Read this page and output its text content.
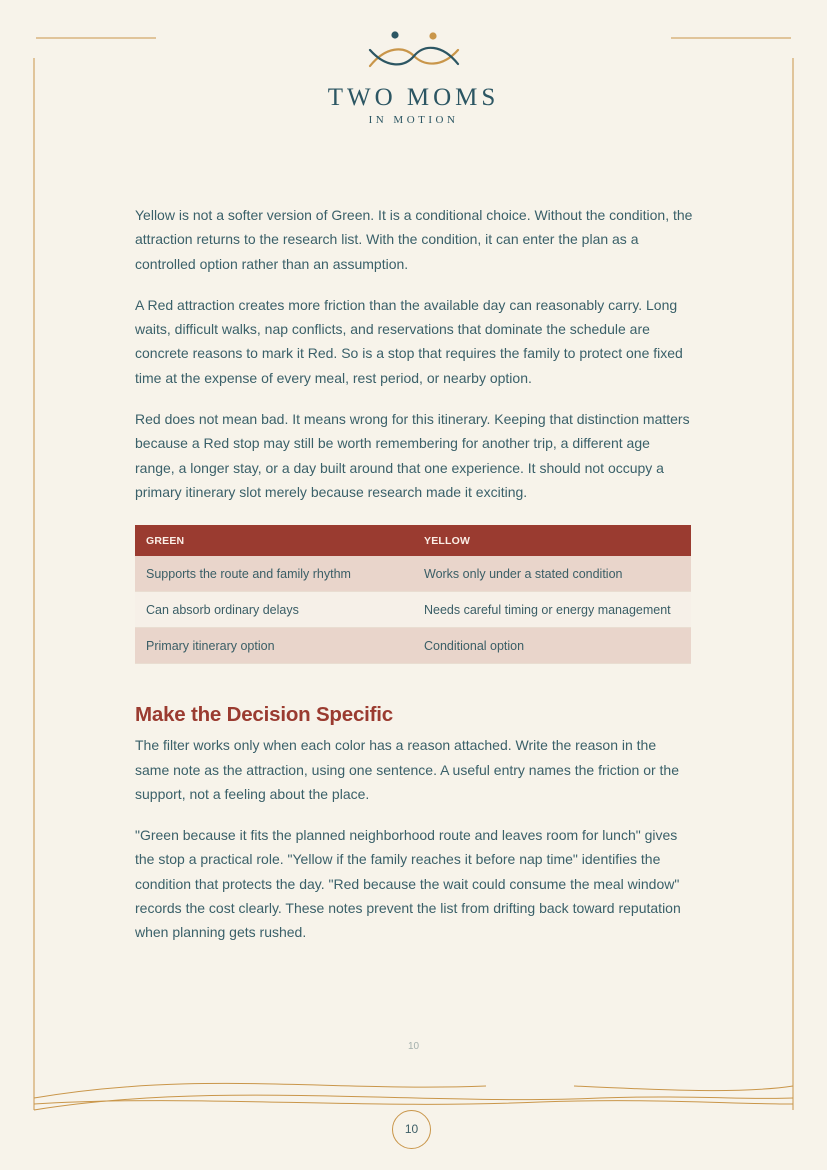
TWO MOMS
IN MOTION

Yellow is not a softer version of Green. It is a conditional choice. Without the condition, the attraction returns to the research list. With the condition, it can enter the plan as a controlled option rather than an assumption.

A Red attraction creates more friction than the available day can reasonably carry. Long waits, difficult walks, nap conflicts, and reservations that dominate the schedule are concrete reasons to mark it Red. So is a stop that requires the family to protect one fixed time at the expense of every meal, rest period, or nearby option.

Red does not mean bad. It means wrong for this itinerary. Keeping that distinction matters because a Red stop may still be worth remembering for another trip, a different age range, a longer stay, or a day built around that one experience. It should not occupy a primary itinerary slot merely because research made it exciting.

GREEN	YELLOW
Supports the route and family rhythm	Works only under a stated condition
Can absorb ordinary delays	Needs careful timing or energy management
Primary itinerary option	Conditional option
Make the Decision Specific

The filter works only when each color has a reason attached. Write the reason in the same note as the attraction, using one sentence. A useful entry names the friction or the support, not a feeling about the place.

"Green because it fits the planned neighborhood route and leaves room for lunch" gives the stop a practical role. "Yellow if the family reaches it before nap time" identifies the condition that protects the day. "Red because the wait could consume the meal window" records the cost clearly. These notes prevent the list from drifting back toward reputation when planning gets rushed.

10
10
